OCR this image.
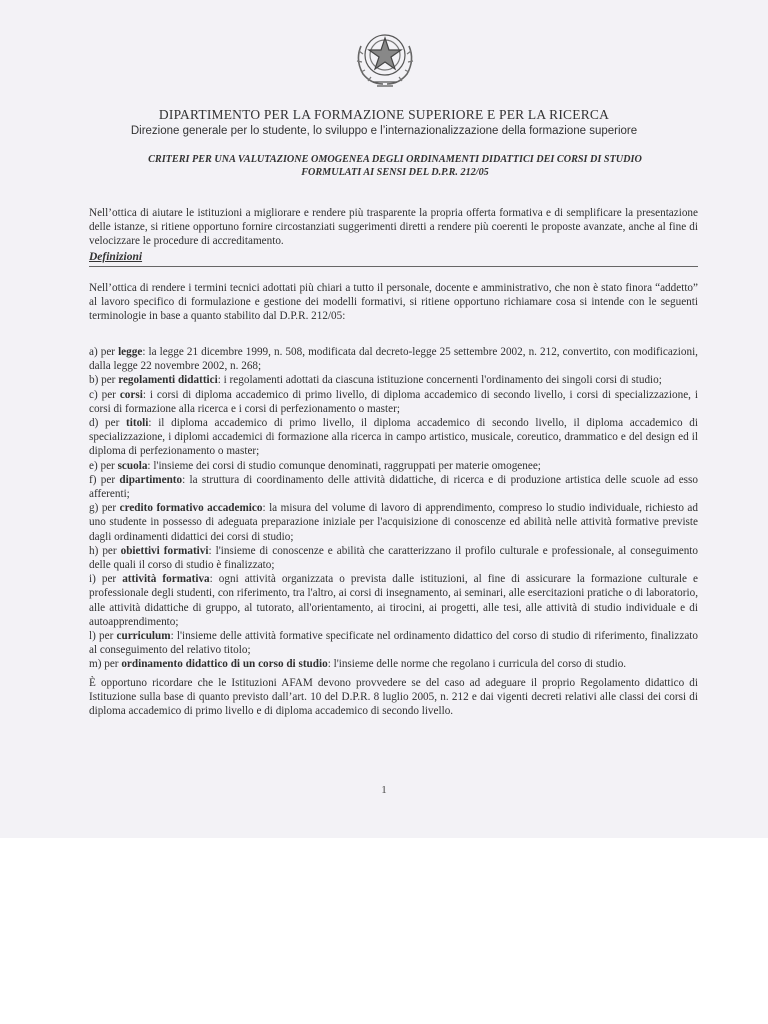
DIPARTIMENTO PER LA FORMAZIONE SUPERIORE E PER LA RICERCA
Direzione generale per lo studente, lo sviluppo e l’internazionalizzazione della formazione superiore
CRITERI PER UNA VALUTAZIONE OMOGENEA DEGLI ORDINAMENTI DIDATTICI DEI CORSI DI STUDIO
FORMULATI AI SENSI DEL D.P.R. 212/05
Nell’ottica di aiutare le istituzioni a migliorare e rendere più trasparente la propria offerta formativa e di semplificare la presentazione delle istanze, si ritiene opportuno fornire circostanziati suggerimenti diretti a rendere più coerenti le proposte avanzate, anche al fine di velocizzare le procedure di accreditamento.
Definizioni
Nell’ottica di rendere i termini tecnici adottati più chiari a tutto il personale, docente e amministrativo, che non è stato finora “addetto” al lavoro specifico di formulazione e gestione dei modelli formativi, si ritiene opportuno richiamare cosa si intende con le seguenti terminologie in base a quanto stabilito dal D.P.R. 212/05:

a) per legge: la legge 21 dicembre 1999, n. 508, modificata dal decreto-legge 25 settembre 2002, n. 212, convertito, con modificazioni, dalla legge 22 novembre 2002, n. 268;

b) per regolamenti didattici: i regolamenti adottati da ciascuna istituzione concernenti l'ordinamento dei singoli corsi di studio;

c) per corsi: i corsi di diploma accademico di primo livello, di diploma accademico di secondo livello, i corsi di specializzazione, i corsi di formazione alla ricerca e i corsi di perfezionamento o master;

d) per titoli: il diploma accademico di primo livello, il diploma accademico di secondo livello, il diploma accademico di specializzazione, i diplomi accademici di formazione alla ricerca in campo artistico, musicale, coreutico, drammatico e del design ed il diploma di perfezionamento o master;

e) per scuola: l'insieme dei corsi di studio comunque denominati, raggruppati per materie omogenee;

f) per dipartimento: la struttura di coordinamento delle attività didattiche, di ricerca e di produzione artistica delle scuole ad esso afferenti;

g) per credito formativo accademico: la misura del volume di lavoro di apprendimento, compreso lo studio individuale, richiesto ad uno studente in possesso di adeguata preparazione iniziale per l'acquisizione di conoscenze ed abilità nelle attività formative previste dagli ordinamenti didattici dei corsi di studio;

h) per obiettivi formativi: l'insieme di conoscenze e abilità che caratterizzano il profilo culturale e professionale, al conseguimento delle quali il corso di studio è finalizzato;

i) per attività formativa: ogni attività organizzata o prevista dalle istituzioni, al fine di assicurare la formazione culturale e professionale degli studenti, con riferimento, tra l'altro, ai corsi di insegnamento, ai seminari, alle esercitazioni pratiche o di laboratorio, alle attività didattiche di gruppo, al tutorato, all'orientamento, ai tirocini, ai progetti, alle tesi, alle attività di studio individuale e di autoapprendimento;

l) per curriculum: l'insieme delle attività formative specificate nel ordinamento didattico del corso di studio di riferimento, finalizzato al conseguimento del relativo titolo;

m) per ordinamento didattico di un corso di studio: l'insieme delle norme che regolano i curricula del corso di studio.

È opportuno ricordare che le Istituzioni AFAM devono provvedere se del caso ad adeguare il proprio Regolamento didattico di Istituzione sulla base di quanto previsto dall’art. 10 del D.P.R. 8 luglio 2005, n. 212 e dai vigenti decreti relativi alle classi dei corsi di diploma accademico di primo livello e di diploma accademico di secondo livello.
1
